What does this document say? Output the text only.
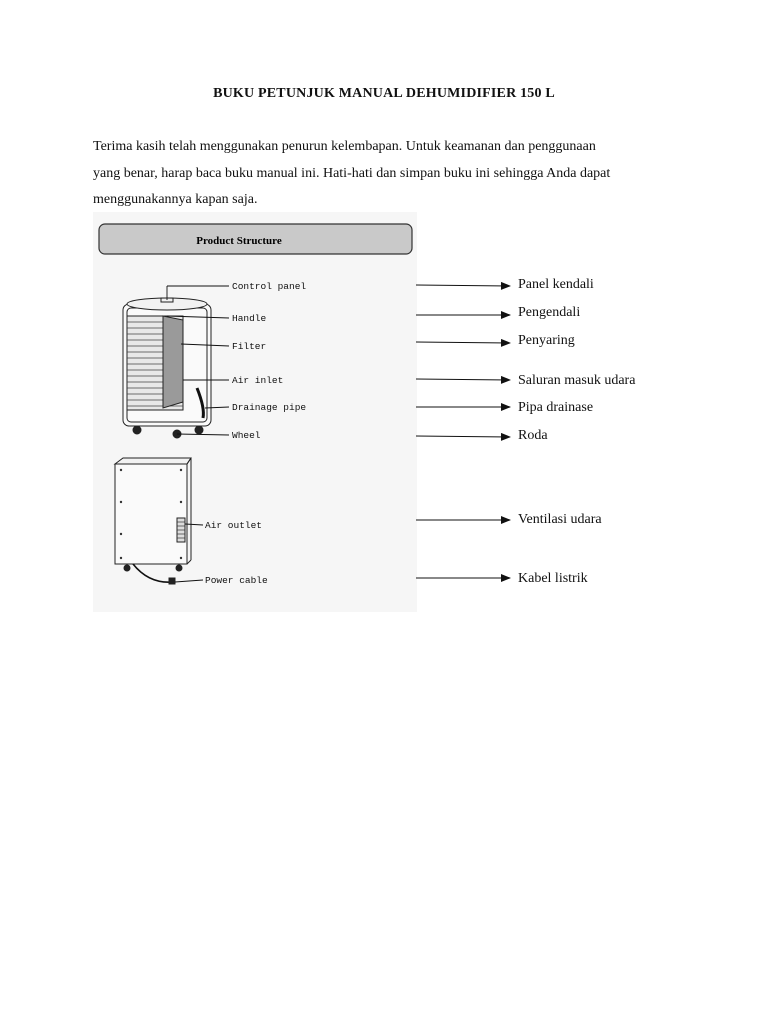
BUKU PETUNJUK MANUAL DEHUMIDIFIER 150 L
Terima kasih telah menggunakan penurun kelembapan. Untuk keamanan dan penggunaan
yang benar, harap baca buku manual ini. Hati-hati dan simpan buku ini sehingga Anda dapat
menggunakannya kapan saja.
Product Structure
Control panel
Handle
Filter
Air inlet
Drainage pipe
Wheel
Air outlet
Power cable
Panel kendali
Pengendali
Penyaring
Saluran masuk udara
Pipa drainase
Roda
Ventilasi udara
Kabel listrik
